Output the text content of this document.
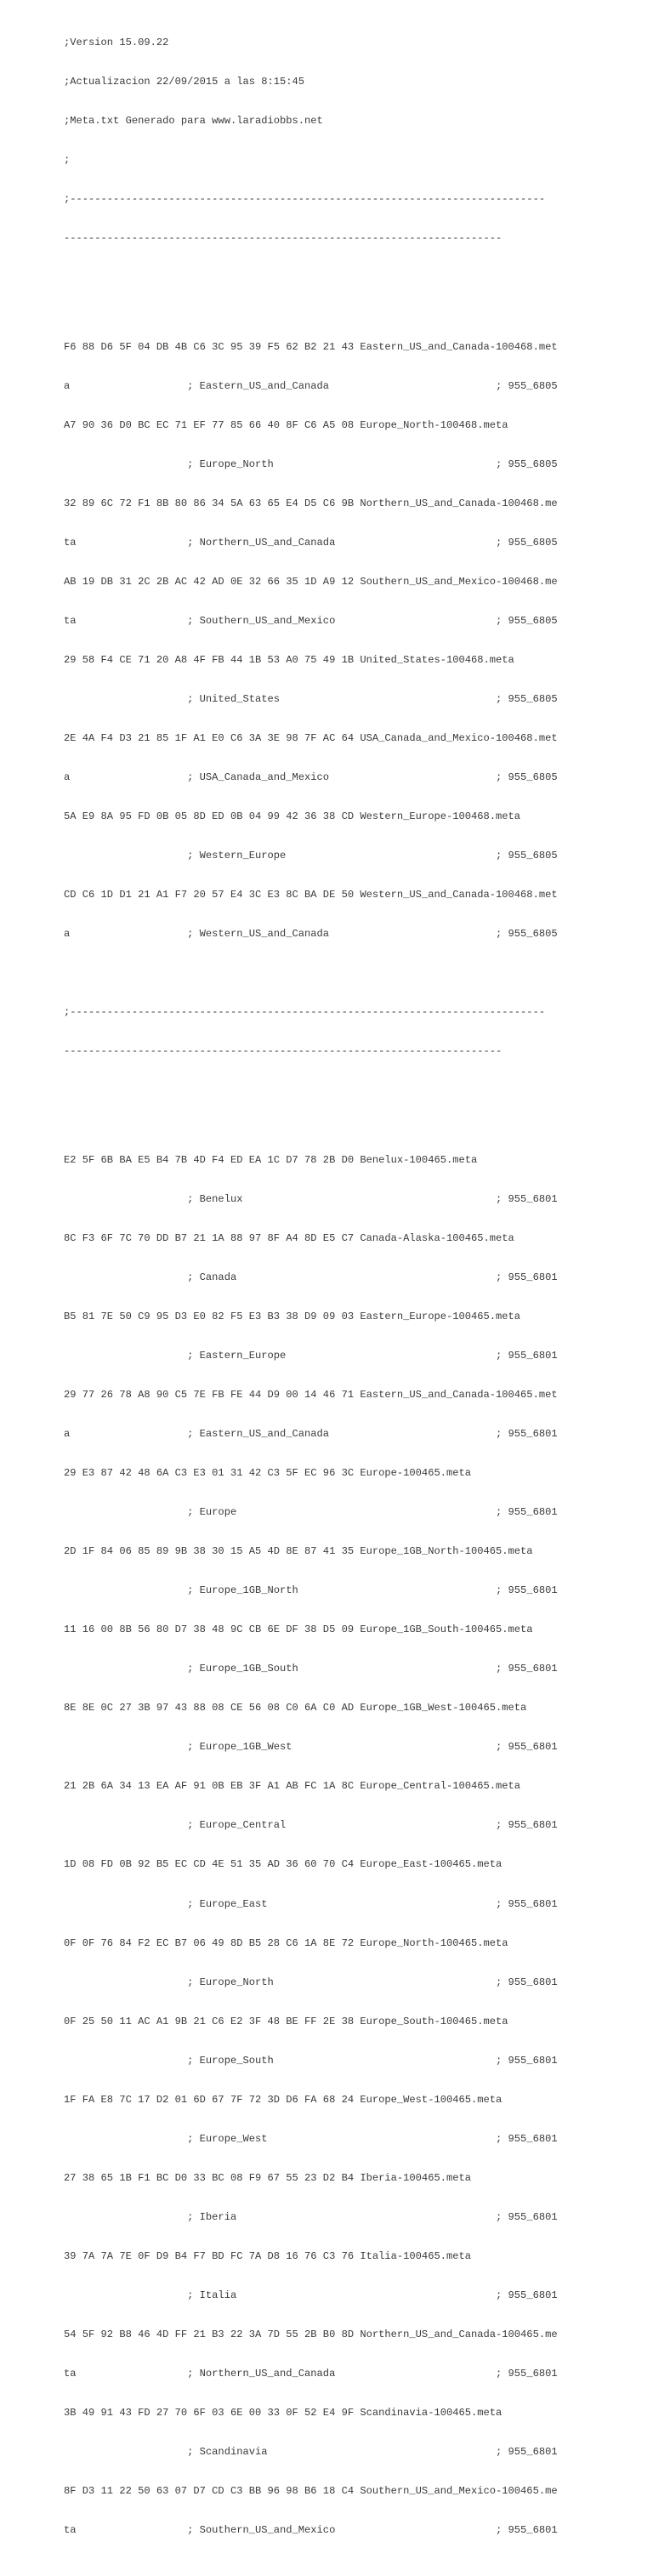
;Version 15.09.22

;Actualizacion 22/09/2015 a las 8:15:45

;Meta.txt Generado para www.laradiobbs.net

;

;-----------------------------------------------------------------------------

-----------------------------------------------------------------------

F6 88 D6 5F 04 DB 4B C6 3C 95 39 F5 62 B2 21 43 Eastern_US_and_Canada-100468.met

a                   ; Eastern_US_and_Canada                           ; 955_6805

A7 90 36 D0 BC EC 71 EF 77 85 66 40 8F C6 A5 08 Europe_North-100468.meta

; Europe_North                                    ; 955_6805

32 89 6C 72 F1 8B 80 86 34 5A 63 65 E4 D5 C6 9B Northern_US_and_Canada-100468.me

ta                  ; Northern_US_and_Canada                          ; 955_6805

AB 19 DB 31 2C 2B AC 42 AD 0E 32 66 35 1D A9 12 Southern_US_and_Mexico-100468.me

ta                  ; Southern_US_and_Mexico                          ; 955_6805

29 58 F4 CE 71 20 A8 4F FB 44 1B 53 A0 75 49 1B United_States-100468.meta

; United_States                                   ; 955_6805

2E 4A F4 D3 21 85 1F A1 E0 C6 3A 3E 98 7F AC 64 USA_Canada_and_Mexico-100468.met

a                   ; USA_Canada_and_Mexico                           ; 955_6805

5A E9 8A 95 FD 0B 05 8D ED 0B 04 99 42 36 38 CD Western_Europe-100468.meta

; Western_Europe                                  ; 955_6805

CD C6 1D D1 21 A1 F7 20 57 E4 3C E3 8C BA DE 50 Western_US_and_Canada-100468.met

a                   ; Western_US_and_Canada                           ; 955_6805

;-----------------------------------------------------------------------------

-----------------------------------------------------------------------

E2 5F 6B BA E5 B4 7B 4D F4 ED EA 1C D7 78 2B D0 Benelux-100465.meta

; Benelux                                         ; 955_6801

8C F3 6F 7C 70 DD B7 21 1A 88 97 8F A4 8D E5 C7 Canada-Alaska-100465.meta

; Canada                                          ; 955_6801

B5 81 7E 50 C9 95 D3 E0 82 F5 E3 B3 38 D9 09 03 Eastern_Europe-100465.meta

; Eastern_Europe                                  ; 955_6801

29 77 26 78 A8 90 C5 7E FB FE 44 D9 00 14 46 71 Eastern_US_and_Canada-100465.met

a                   ; Eastern_US_and_Canada                           ; 955_6801

29 E3 87 42 48 6A C3 E3 01 31 42 C3 5F EC 96 3C Europe-100465.meta

; Europe                                          ; 955_6801

2D 1F 84 06 85 89 9B 38 30 15 A5 4D 8E 87 41 35 Europe_1GB_North-100465.meta

; Europe_1GB_North                                ; 955_6801

11 16 00 8B 56 80 D7 38 48 9C CB 6E DF 38 D5 09 Europe_1GB_South-100465.meta

; Europe_1GB_South                                ; 955_6801

8E 8E 0C 27 3B 97 43 88 08 CE 56 08 C0 6A C0 AD Europe_1GB_West-100465.meta

; Europe_1GB_West                                 ; 955_6801

21 2B 6A 34 13 EA AF 91 0B EB 3F A1 AB FC 1A 8C Europe_Central-100465.meta

; Europe_Central                                  ; 955_6801

1D 08 FD 0B 92 B5 EC CD 4E 51 35 AD 36 60 70 C4 Europe_East-100465.meta

; Europe_East                                     ; 955_6801

0F 0F 76 84 F2 EC B7 06 49 8D B5 28 C6 1A 8E 72 Europe_North-100465.meta

; Europe_North                                    ; 955_6801

0F 25 50 11 AC A1 9B 21 C6 E2 3F 48 BE FF 2E 38 Europe_South-100465.meta

; Europe_South                                    ; 955_6801

1F FA E8 7C 17 D2 01 6D 67 7F 72 3D D6 FA 68 24 Europe_West-100465.meta

; Europe_West                                     ; 955_6801

27 38 65 1B F1 BC D0 33 BC 08 F9 67 55 23 D2 B4 Iberia-100465.meta

; Iberia                                          ; 955_6801

39 7A 7A 7E 0F D9 B4 F7 BD FC 7A D8 16 76 C3 76 Italia-100465.meta

; Italia                                          ; 955_6801

54 5F 92 B8 46 4D FF 21 B3 22 3A 7D 55 2B B0 8D Northern_US_and_Canada-100465.me

ta                  ; Northern_US_and_Canada                          ; 955_6801

3B 49 91 43 FD 27 70 6F 03 6E 00 33 0F 52 E4 9F Scandinavia-100465.meta

; Scandinavia                                     ; 955_6801

8F D3 11 22 50 63 07 D7 CD C3 BB 96 98 B6 18 C4 Southern_US_and_Mexico-100465.me

ta                  ; Southern_US_and_Mexico                          ; 955_6801
